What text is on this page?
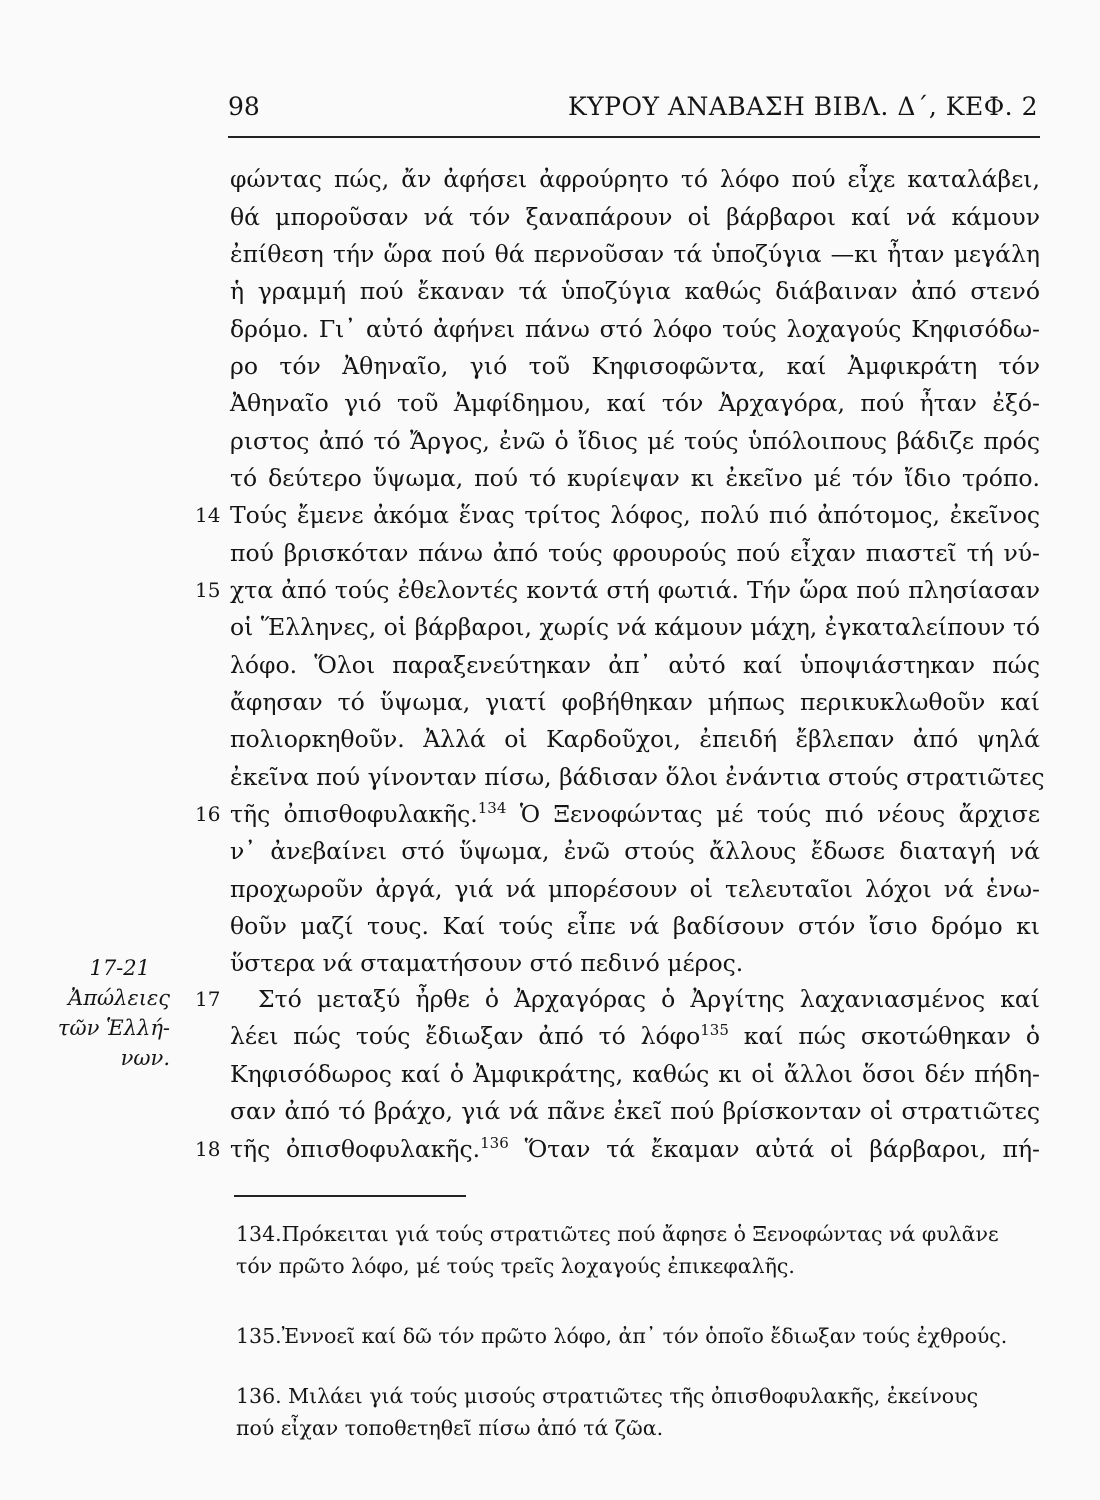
98	ΚΥΡΟΥ ΑΝΑΒΑΣΗ ΒΙΒΛ. Δ΄, ΚΕΦ. 2
φώντας πώς, ἄν ἀφήσει ἀφρούρητο τό λόφο πού εἶχε καταλάβει,
θά μποροῦσαν νά τόν ξαναπάρουν οἱ βάρβαροι καί νά κάμουν
ἐπίθεση τήν ὥρα πού θά περνοῦσαν τά ὑποζύγια —κι ἦταν μεγάλη
ἡ γραμμή πού ἔκαναν τά ὑποζύγια καθώς διάβαιναν ἀπό στενό
δρόμο. Γι᾽ αὐτό ἀφήνει πάνω στό λόφο τούς λοχαγούς Κηφισόδω-
ρο τόν Ἀθηναῖο, γιό τοῦ Κηφισοφῶντα, καί Ἀμφικράτη τόν
Ἀθηναῖο γιό τοῦ Ἀμφίδημου, καί τόν Ἀρχαγόρα, πού ἦταν ἐξό-
ριστος ἀπό τό Ἄργος, ἐνῶ ὁ ἴδιος μέ τούς ὑπόλοιπους βάδιζε πρός
τό δεύτερο ὕψωμα, πού τό κυρίεψαν κι ἐκεῖνο μέ τόν ἴδιο τρόπο.
14 Τούς ἔμενε ἀκόμα ἕνας τρίτος λόφος, πολύ πιό ἀπότομος, ἐκεῖνος
πού βρισκόταν πάνω ἀπό τούς φρουρούς πού εἶχαν πιαστεῖ τή νύ-
15 χτα ἀπό τούς ἐθελοντές κοντά στή φωτιά. Τήν ὥρα πού πλησίασαν
οἱ Ἕλληνες, οἱ βάρβαροι, χωρίς νά κάμουν μάχη, ἐγκαταλείπουν τό
λόφο. Ὅλοι παραξενεύτηκαν ἀπ᾽ αὐτό καί ὑποψιάστηκαν πώς
ἄφησαν τό ὕψωμα, γιατί φοβήθηκαν μήπως περικυκλωθοῦν καί
πολιορκηθοῦν. Ἀλλά οἱ Καρδοῦχοι, ἐπειδή ἔβλεπαν ἀπό ψηλά
ἐκεῖνα πού γίνονταν πίσω, βάδισαν ὅλοι ἐνάντια στούς στρατιῶτες
16 τῆς ὀπισθοφυλακῆς.$^{134}$ Ὁ Ξενοφώντας μέ τούς πιό νέους ἄρχισε
ν᾽ ἀνεβαίνει στό ὕψωμα, ἐνῶ στούς ἄλλους ἔδωσε διαταγή νά
προχωροῦν ἀργά, γιά νά μπορέσουν οἱ τελευταῖοι λόχοι νά ἑνω-
θοῦν μαζί τους. Καί τούς εἶπε νά βαδίσουν στόν ἴσιο δρόμο κι
ὕστερα νά σταματήσουν στό πεδινό μέρος.
17-21
Ἀπώλειες
τῶν Ἑλλή-
νων.
17 Στό μεταξύ ἦρθε ὁ Ἀρχαγόρας ὁ Ἀργίτης λαχανιασμένος καί
λέει πώς τούς ἔδιωξαν ἀπό τό λόφο$^{135}$ καί πώς σκοτώθηκαν ὁ
Κηφισόδωρος καί ὁ Ἀμφικράτης, καθώς κι οἱ ἄλλοι ὅσοι δέν πήδη-
σαν ἀπό τό βράχο, γιά νά πᾶνε ἐκεῖ πού βρίσκονταν οἱ στρατιῶτες
18 τῆς ὀπισθοφυλακῆς.$^{136}$ Ὅταν τά ἔκαμαν αὐτά οἱ βάρβαροι, πή-
134.Πρόκειται γιά τούς στρατιῶτες πού ἄφησε ὁ Ξενοφώντας νά φυλᾶνε
τόν πρῶτο λόφο, μέ τούς τρεῖς λοχαγούς ἐπικεφαλῆς.
135.Ἐννοεῖ καί δῶ τόν πρῶτο λόφο, ἀπ᾽ τόν ὁποῖο ἔδιωξαν τούς ἐχθρούς.
136. Μιλάει γιά τούς μισούς στρατιῶτες τῆς ὀπισθοφυλακῆς, ἐκείνους
πού εἶχαν τοποθετηθεῖ πίσω ἀπό τά ζῶα.
